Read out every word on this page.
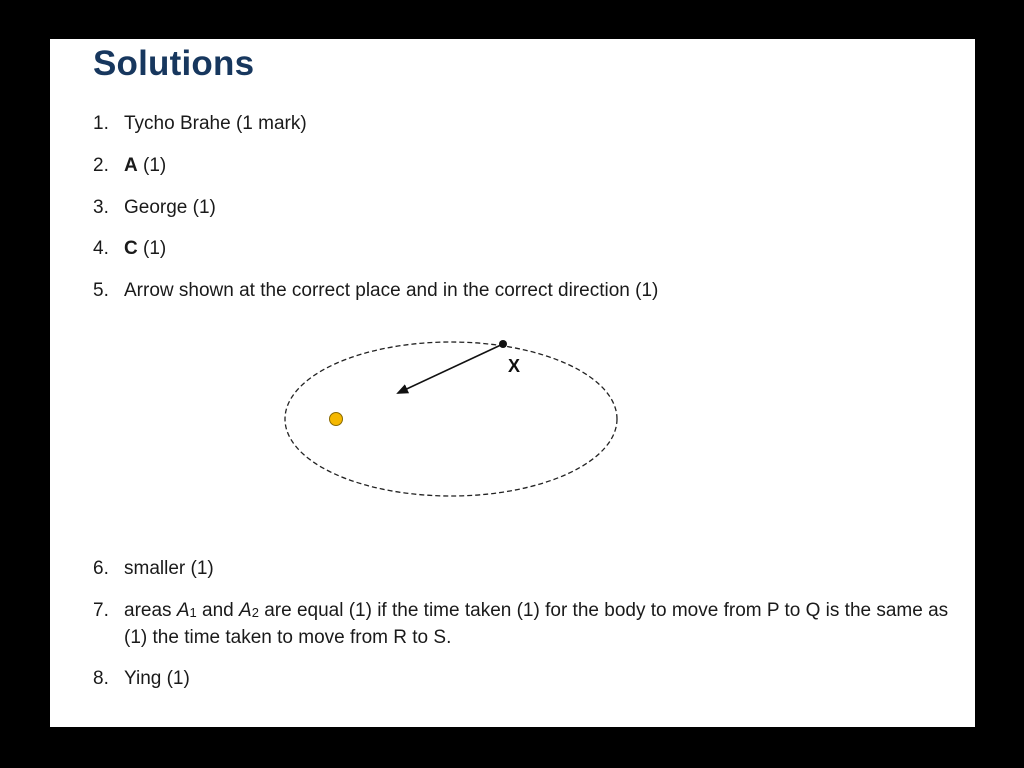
Solutions
1. Tycho Brahe (1 mark)
2. A (1)
3. George (1)
4. C (1)
5. Arrow shown at the correct place and in the correct direction (1)
X
6. smaller (1)
7. areas A1 and A2 are equal (1) if the time taken (1) for the body to move from P to Q is the same as (1) the time taken to move from R to S.
8. Ying (1)
